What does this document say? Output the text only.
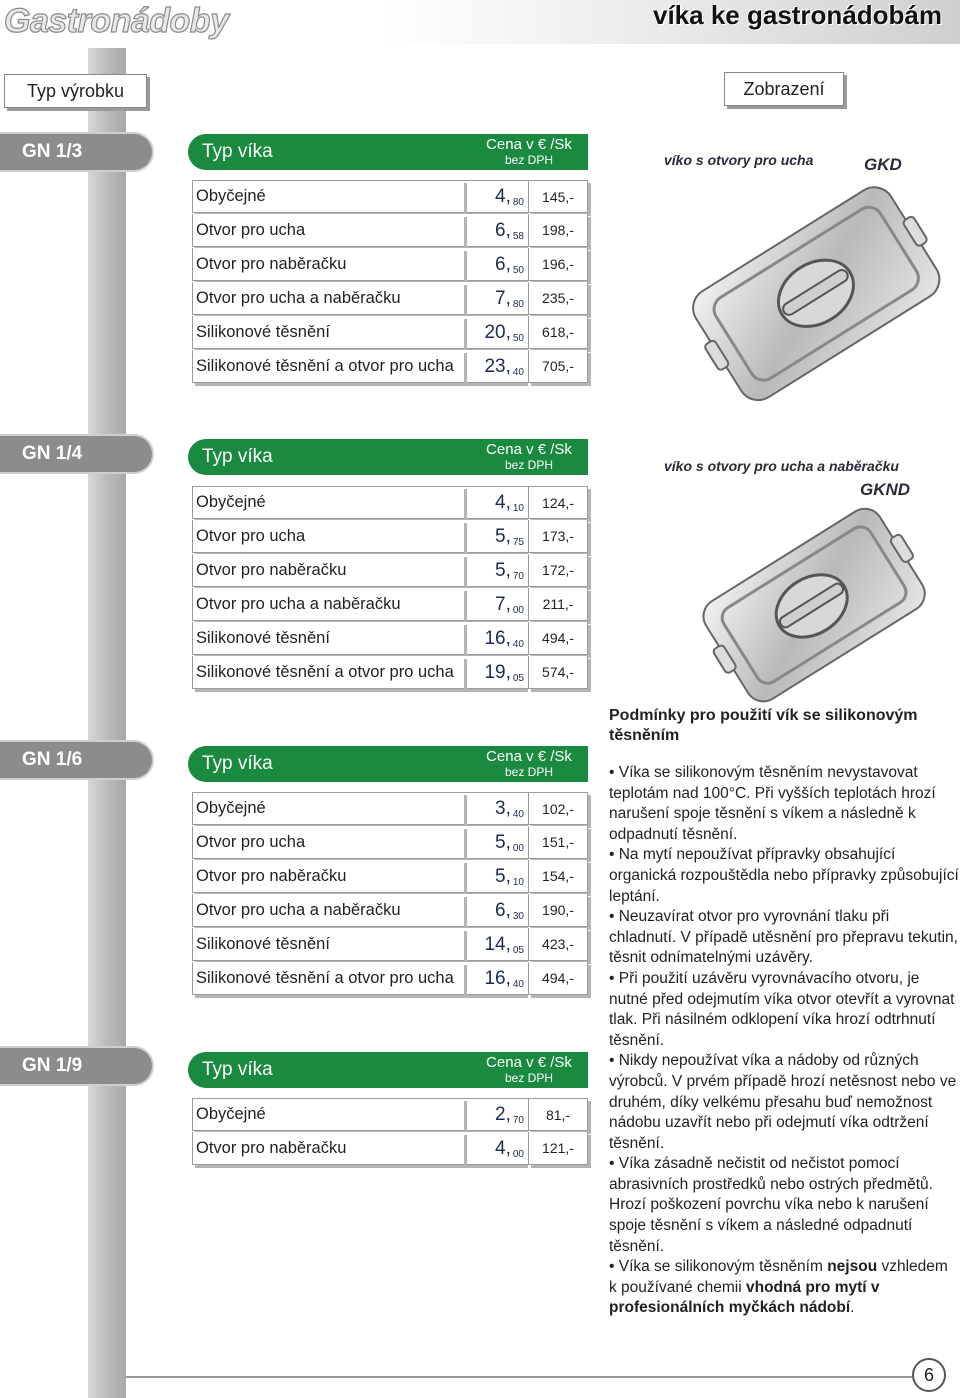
Gastronádoby	víka ke gastronádobám
Typ výrobku	Zobrazení
GN 1/3	Typ víka	Cena v € /Sk
bez DPH
Obyčejné	$4,_{80}$	145,-
Otvor pro ucha	$6,_{58}$	198,-
Otvor pro naběračku	$6,_{50}$	196,-
Otvor pro ucha a naběračku	$7,_{80}$	235,-
Silikonové těsnění	$20,_{50}$	618,-
Silikonové těsnění a otvor pro ucha	$23,_{40}$	705,-
GN 1/4	Typ víka	Cena v € /Sk
bez DPH
Obyčejné	$4,_{10}$	124,-
Otvor pro ucha	$5,_{75}$	173,-
Otvor pro naběračku	$5,_{70}$	172,-
Otvor pro ucha a naběračku	$7,_{00}$	211,-
Silikonové těsnění	$16,_{40}$	494,-
Silikonové těsnění a otvor pro ucha	$19,_{05}$	574,-
GN 1/6	Typ víka	Cena v € /Sk
bez DPH
Obyčejné	$3,_{40}$	102,-
Otvor pro ucha	$5,_{00}$	151,-
Otvor pro naběračku	$5,_{10}$	154,-
Otvor pro ucha a naběračku	$6,_{30}$	190,-
Silikonové těsnění	$14,_{05}$	423,-
Silikonové těsnění a otvor pro ucha	$16,_{40}$	494,-
GN 1/9	Typ víka	Cena v € /Sk
bez DPH
Obyčejné	$2,_{70}$	81,-
Otvor pro naběračku	$4,_{00}$	121,-
víko s otvory pro ucha	GKD
víko s otvory pro ucha a naběračku
GKND
Podmínky pro použití vík se silikonovým těsněním

• Víka se silikonovým těsněním nevystavovat teplotám nad 100°C. Při vyšších teplotách hrozí narušení spoje těsnění s víkem a následně k odpadnutí těsnění.

• Na mytí nepoužívat přípravky obsahující organická rozpouštědla nebo přípravky způsobující leptání.

• Neuzavírat otvor pro vyrovnání tlaku při chladnutí. V případě utěsnění pro přepravu tekutin, těsnit odnímatelnými uzávěry.

• Při použití uzávěru vyrovnávacího otvoru, je nutné před odejmutím víka otvor otevřít a vyrovnat tlak. Při násilném odklopení víka hrozí odtrhnutí těsnění.

• Nikdy nepoužívat víka a nádoby od různých výrobců. V prvém případě hrozí netěsnost nebo ve druhém, díky velkému přesahu buď nemožnost nádobu uzavřít nebo při odejmutí víka odtržení těsnění.

• Víka zásadně nečistit od nečistot pomocí abrasivních prostředků nebo ostrých předmětů. Hrozí poškození povrchu víka nebo k narušení spoje těsnění s víkem a následné odpadnutí těsnění.

• Víka se silikonovým těsněním nejsou vzhledem k používané chemii vhodná pro mytí v profesionálních myčkách nádobí.

6
